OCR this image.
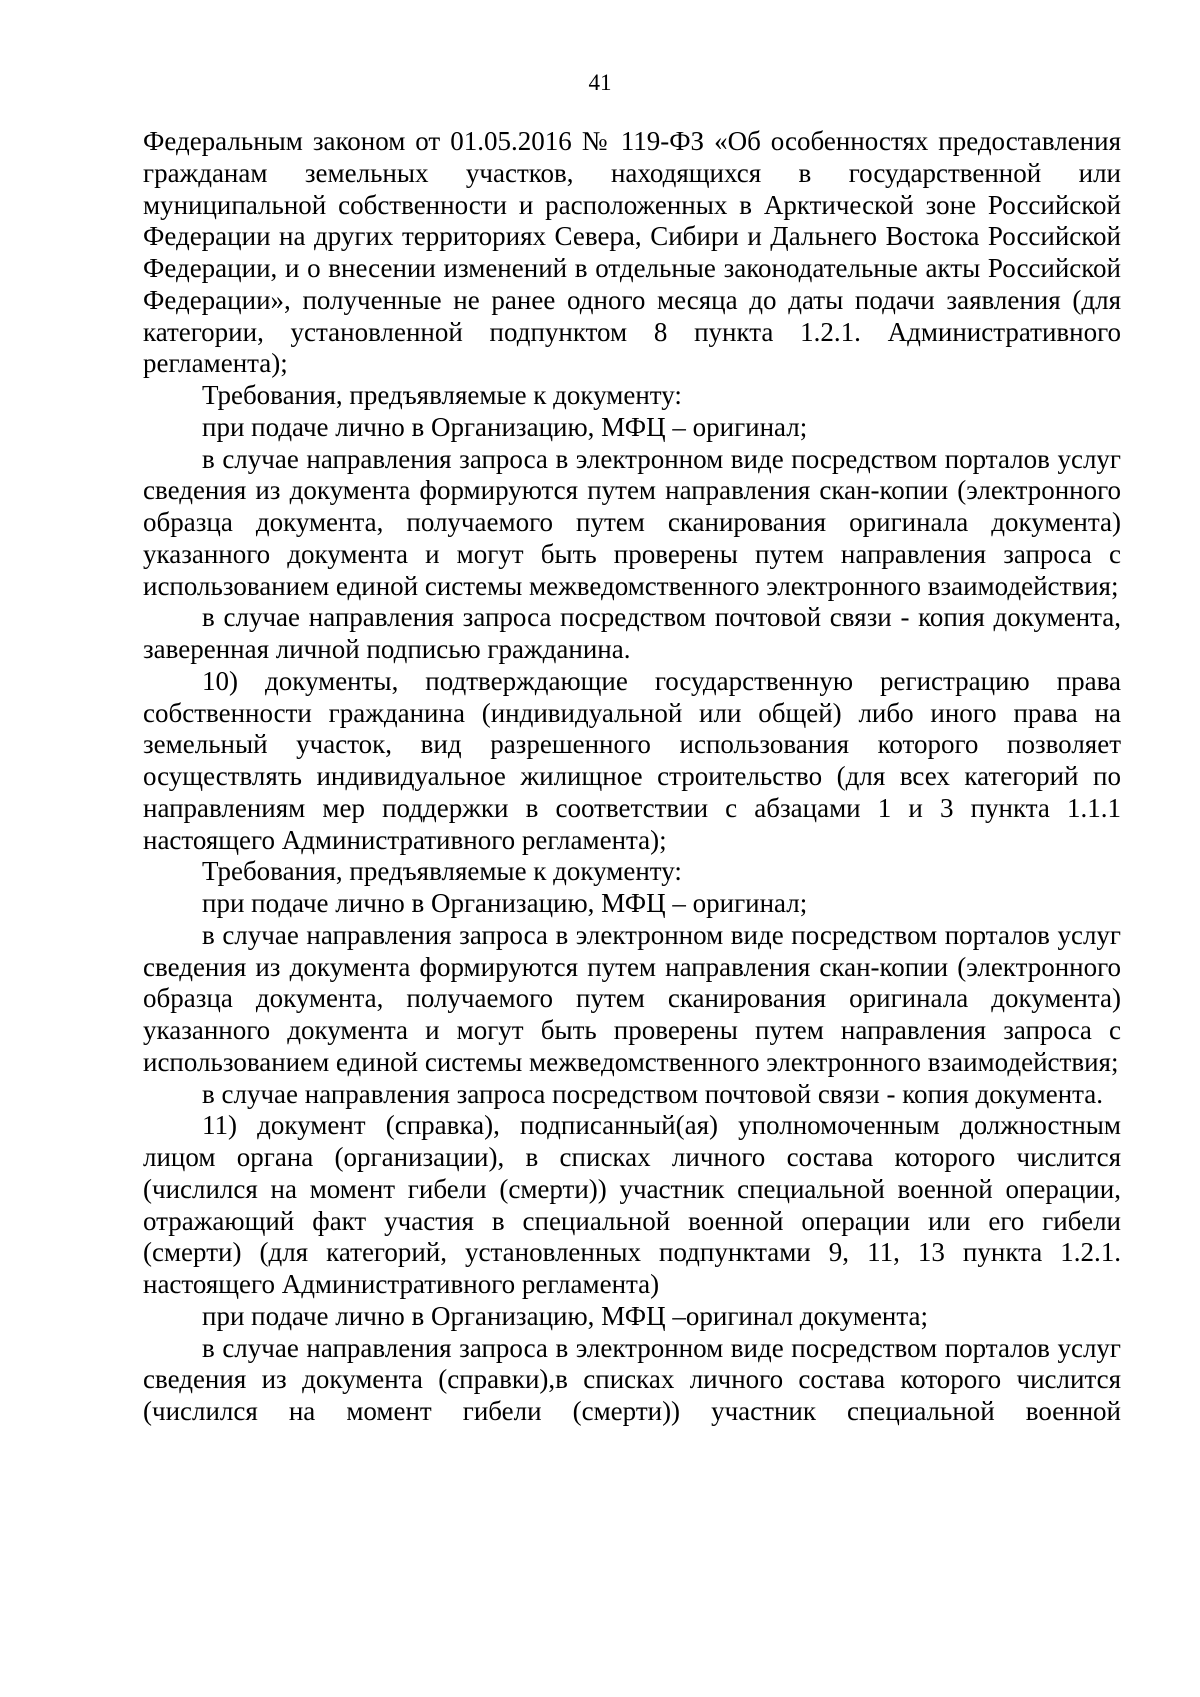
41

Федеральным законом от 01.05.2016 № 119-ФЗ «Об особенностях предоставления гражданам земельных участков, находящихся в государственной или муниципальной собственности и расположенных в Арктической зоне Российской Федерации на других территориях Севера, Сибири и Дальнего Востока Российской Федерации, и о внесении изменений в отдельные законодательные акты Российской Федерации», полученные не ранее одного месяца до даты подачи заявления (для категории, установленной подпунктом 8 пункта 1.2.1. Административного регламента);

Требования, предъявляемые к документу:

при подаче лично в Организацию, МФЦ – оригинал;

в случае направления запроса в электронном виде посредством порталов услуг сведения из документа формируются путем направления скан-копии (электронного образца документа, получаемого путем сканирования оригинала документа) указанного документа и могут быть проверены путем направления запроса с использованием единой системы межведомственного электронного взаимодействия;

в случае направления запроса посредством почтовой связи - копия документа, заверенная личной подписью гражданина.

10) документы, подтверждающие государственную регистрацию права собственности гражданина (индивидуальной или общей) либо иного права на земельный участок, вид разрешенного использования которого позволяет осуществлять индивидуальное жилищное строительство (для всех категорий по направлениям мер поддержки в соответствии с абзацами 1 и 3 пункта 1.1.1 настоящего Административного регламента);

Требования, предъявляемые к документу:

при подаче лично в Организацию, МФЦ – оригинал;

в случае направления запроса в электронном виде посредством порталов услуг сведения из документа формируются путем направления скан-копии (электронного образца документа, получаемого путем сканирования оригинала документа) указанного документа и могут быть проверены путем направления запроса с использованием единой системы межведомственного электронного взаимодействия;

в случае направления запроса посредством почтовой связи - копия документа.

11) документ (справка), подписанный(ая) уполномоченным должностным лицом органа (организации), в списках личного состава которого числится (числился на момент гибели (смерти)) участник специальной военной операции, отражающий факт участия в специальной военной операции или его гибели (смерти) (для категорий, установленных подпунктами 9, 11, 13 пункта 1.2.1. настоящего Административного регламента)

при подаче лично в Организацию, МФЦ –оригинал документа;

в случае направления запроса в электронном виде посредством порталов услуг сведения из документа (справки),в списках личного состава которого числится (числился на момент гибели (смерти)) участник специальной военной
